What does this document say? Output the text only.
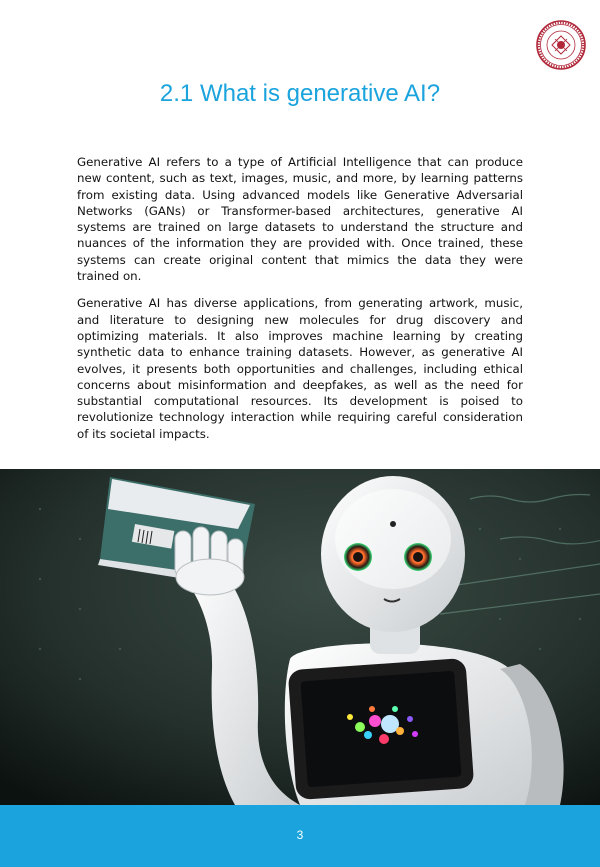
2.1 What is generative AI?

Generative AI refers to a type of Artificial Intelligence that can produce new content, such as text, images, music, and more, by learning patterns from existing data. Using advanced models like Generative Adversarial Networks (GANs) or Transformer-based architectures, generative AI systems are trained on large datasets to understand the structure and nuances of the information they are provided with. Once trained, these systems can create original content that mimics the data they were trained on.

Generative AI has diverse applications, from generating artwork, music, and literature to designing new molecules for drug discovery and optimizing materials. It also improves machine learning by creating synthetic data to enhance training datasets. However, as generative AI evolves, it presents both opportunities and challenges, including ethical concerns about misinformation and deepfakes, as well as the need for substantial computational resources. Its development is poised to revolutionize technology interaction while requiring careful consideration of its societal impacts.

3
